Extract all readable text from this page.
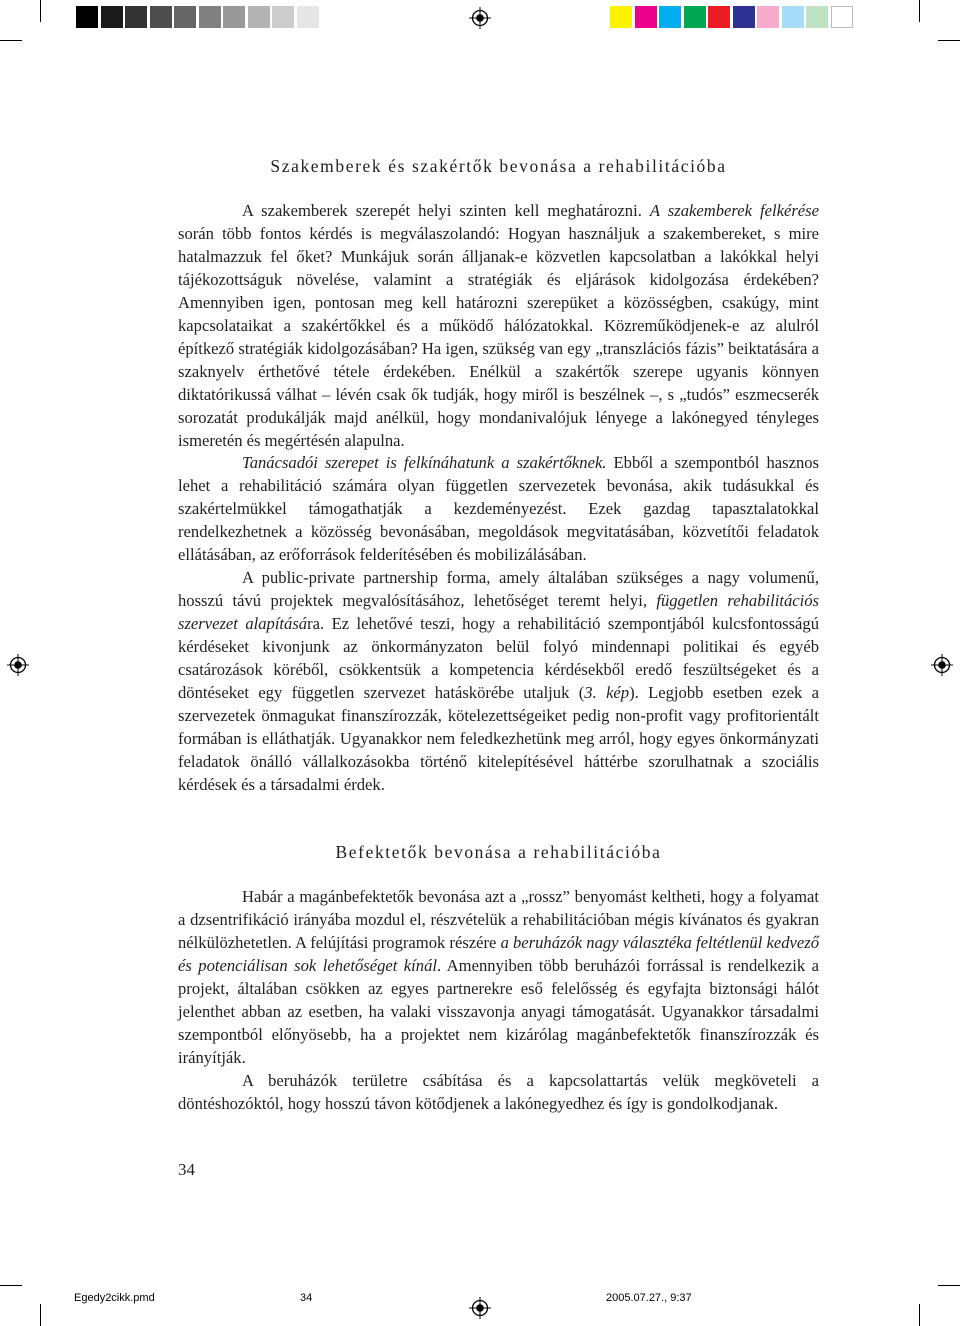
Szakemberek és szakértők bevonása a rehabilitációba

A szakemberek szerepét helyi szinten kell meghatározni. A szakemberek felkérése során több fontos kérdés is megválaszolandó: Hogyan használjuk a szakembereket, s mire hatalmazzuk fel őket? Munkájuk során álljanak-e közvetlen kapcsolatban a lakókkal helyi tájékozottságuk növelése, valamint a stratégiák és eljárások kidolgozása érdekében? Amennyiben igen, pontosan meg kell határozni szerepüket a közösségben, csakúgy, mint kapcsolataikat a szakértőkkel és a működő hálózatokkal. Közreműködjenek-e az alulról építkező stratégiák kidolgozásában? Ha igen, szükség van egy „transzlációs fázis” beiktatására a szaknyelv érthetővé tétele érdekében. Enélkül a szakértők szerepe ugyanis könnyen diktatórikussá válhat – lévén csak ők tudják, hogy miről is beszélnek –, s „tudós” eszmecserék sorozatát produkálják majd anélkül, hogy mondanivalójuk lényege a lakónegyed tényleges ismeretén és megértésén alapulna.

Tanácsadói szerepet is felkínáhatunk a szakértőknek. Ebből a szempontból hasznos lehet a rehabilitáció számára olyan független szervezetek bevonása, akik tudásukkal és szakértelmükkel támogathatják a kezdeményezést. Ezek gazdag tapasztalatokkal rendelkezhetnek a közösség bevonásában, megoldások megvitatásában, közvetítői feladatok ellátásában, az erőforrások felderítésében és mobilizálásában.

A public-private partnership forma, amely általában szükséges a nagy volumenű, hosszú távú projektek megvalósításához, lehetőséget teremt helyi, független rehabilitációs szervezet alapítására. Ez lehetővé teszi, hogy a rehabilitáció szempontjából kulcsfontosságú kérdéseket kivonjunk az önkormányzaton belül folyó mindennapi politikai és egyéb csatározások köréből, csökkentsük a kompetencia kérdésekből eredő feszültségeket és a döntéseket egy független szervezet hatáskörébe utaljuk (3. kép). Legjobb esetben ezek a szervezetek önmagukat finanszírozzák, kötelezettségeiket pedig non-profit vagy profitorientált formában is elláthatják. Ugyanakkor nem feledkezhetünk meg arról, hogy egyes önkormányzati feladatok önálló vállalkozásokba történő kitelepítésével háttérbe szorulhatnak a szociális kérdések és a társadalmi érdek.

Befektetők bevonása a rehabilitációba

Habár a magánbefektetők bevonása azt a „rossz” benyomást keltheti, hogy a folyamat a dzsentrifikáció irányába mozdul el, részvételük a rehabilitációban mégis kívánatos és gyakran nélkülözhetetlen. A felújítási programok részére a beruházók nagy választéka feltétlenül kedvező és potenciálisan sok lehetőséget kínál. Amennyiben több beruházói forrással is rendelkezik a projekt, általában csökken az egyes partnerekre eső felelősség és egyfajta biztonsági hálót jelenthet abban az esetben, ha valaki visszavonja anyagi támogatását. Ugyanakkor társadalmi szempontból előnyösebb, ha a projektet nem kizárólag magánbefektetők finanszírozzák és irányítják.

A beruházók területre csábítása és a kapcsolattartás velük megköveteli a döntéshozóktól, hogy hosszú távon kötődjenek a lakónegyedhez és így is gondolkodjanak.

34
Egedy2cikk.pmd	34	2005.07.27., 9:37
